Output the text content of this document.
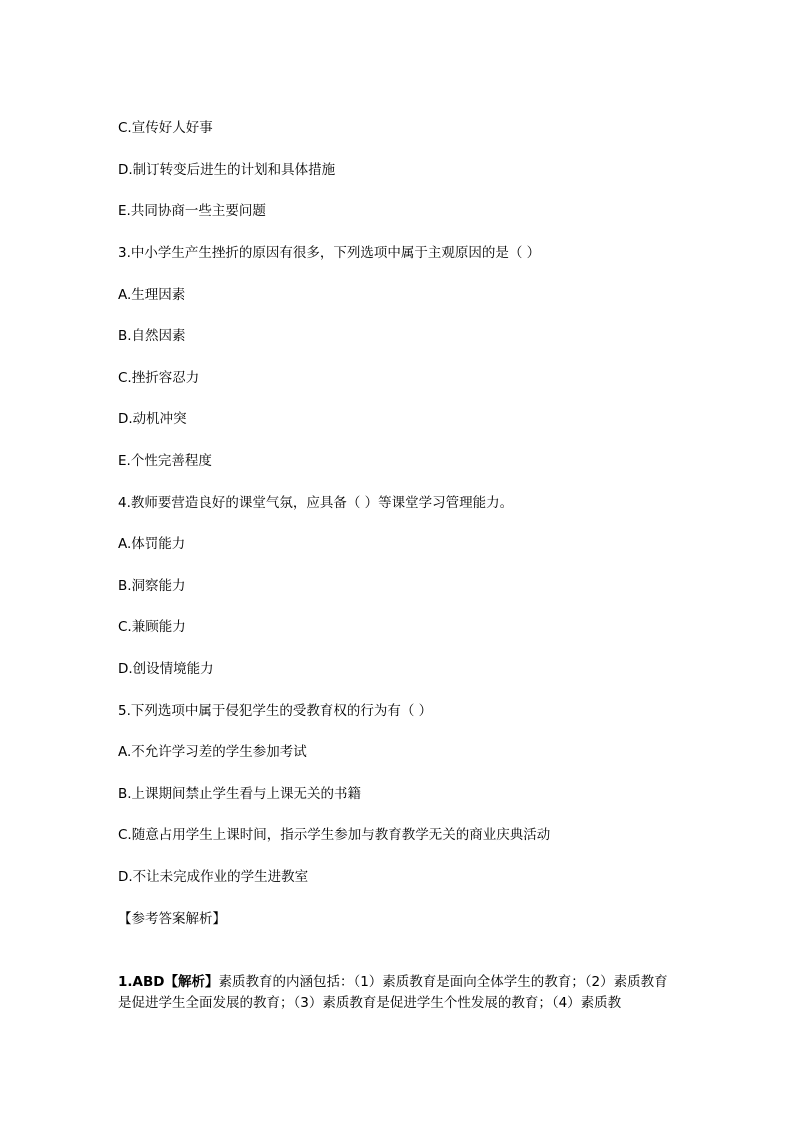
C.宣传好人好事
D.制订转变后进生的计划和具体措施
E.共同协商一些主要问题
3.中小学生产生挫折的原因有很多，下列选项中属于主观原因的是（ ）
A.生理因素
B.自然因素
C.挫折容忍力
D.动机冲突
E.个性完善程度
4.教师要营造良好的课堂气氛，应具备（ ）等课堂学习管理能力。
A.体罚能力
B.洞察能力
C.兼顾能力
D.创设情境能力
5.下列选项中属于侵犯学生的受教育权的行为有（ ）
A.不允许学习差的学生参加考试
B.上课期间禁止学生看与上课无关的书籍
C.随意占用学生上课时间，指示学生参加与教育教学无关的商业庆典活动
D.不让未完成作业的学生进教室
【参考答案解析】
1.ABD【解析】素质教育的内涵包括：（1）素质教育是面向全体学生的教育；（2）素质教育是促进学生全面发展的教育；（3）素质教育是促进学生个性发展的教育；（4）素质教
